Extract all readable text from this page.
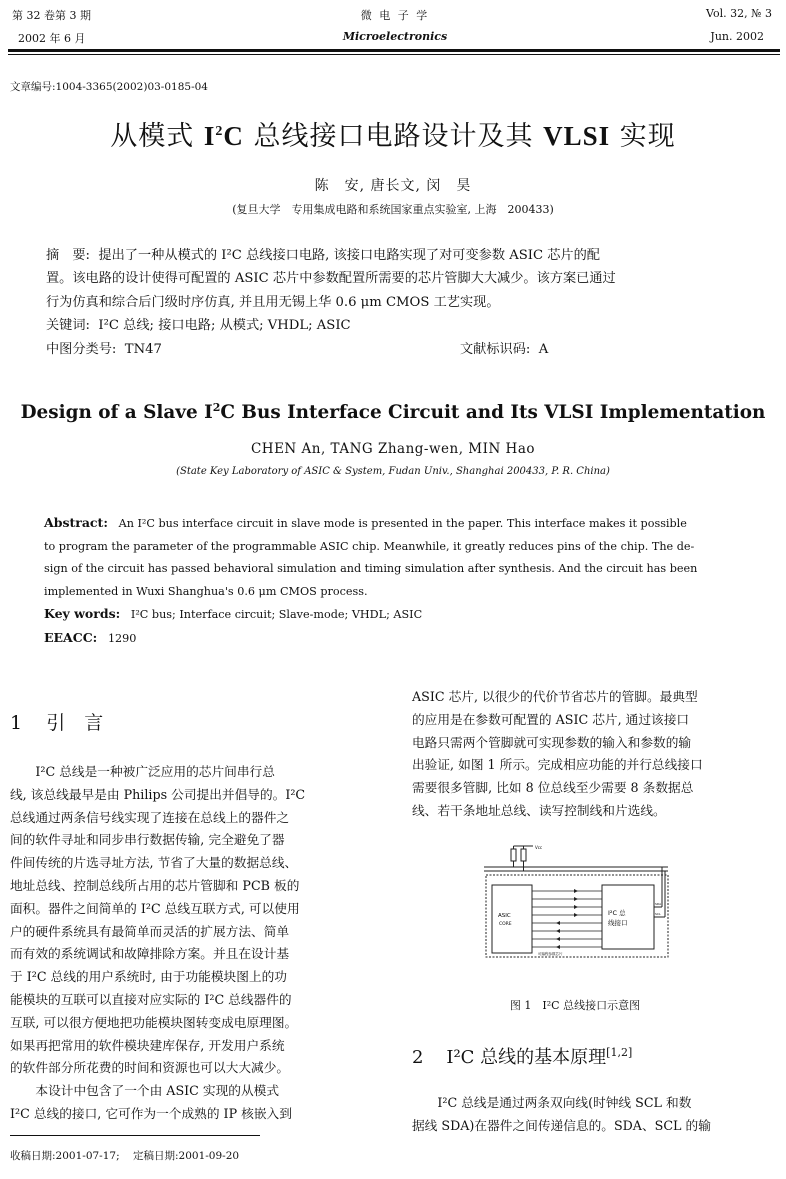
第 32 卷第 3 期
2002 年 6 月
微 电 子 学
Microelectronics
Vol. 32, № 3
Jun. 2002
文章编号:1004-3365(2002)03-0185-04
从模式 $I^2C$ 总线接口电路设计及其 VLSI 实现
陈　安, 唐长文, 闵　昊
(复旦大学　专用集成电路和系统国家重点实验室, 上海　200433)
摘　要: 提出了一种从模式的 I²C 总线接口电路, 该接口电路实现了对可变参数 ASIC 芯片的配
置。该电路的设计使得可配置的 ASIC 芯片中参数配置所需要的芯片管脚大大减少。该方案已通过
行为仿真和综合后门级时序仿真, 并且用无锡上华 0.6 μm CMOS 工艺实现。
关键词: I²C 总线; 接口电路; 从模式; VHDL; ASIC
中图分类号: TN47	文献标识码: A
Design of a Slave $I^2C$ Bus Interface Circuit and Its VLSI Implementation
CHEN An, TANG Zhang-wen, MIN Hao
(State Key Laboratory of ASIC & System, Fudan Univ., Shanghai 200433, P. R. China)
Abstract: An I²C bus interface circuit in slave mode is presented in the paper. This interface makes it possible
to program the parameter of the programmable ASIC chip. Meanwhile, it greatly reduces pins of the chip. The de-
sign of the circuit has passed behavioral simulation and timing simulation after synthesis. And the circuit has been
implemented in Wuxi Shanghua's 0.6 μm CMOS process.
Key words: I²C bus; Interface circuit; Slave-mode; VHDL; ASIC
EEACC: 1290
1 引　言
I²C 总线是一种被广泛应用的芯片间串行总
线, 该总线最早是由 Philips 公司提出并倡导的。I²C
总线通过两条信号线实现了连接在总线上的器件之
间的软件寻址和同步串行数据传输, 完全避免了器
件间传统的片选寻址方法, 节省了大量的数据总线、
地址总线、控制总线所占用的芯片管脚和 PCB 板的
面积。器件之间简单的 I²C 总线互联方式, 可以使用
户的硬件系统具有最简单而灵活的扩展方法、简单
而有效的系统调试和故障排除方案。并且在设计基
于 I²C 总线的用户系统时, 由于功能模块图上的功
能模块的互联可以直接对应实际的 I²C 总线器件的
互联, 可以很方便地把功能模块图转变成电原理图。
如果再把常用的软件模块建库保存, 开发用户系统
的软件部分所花费的时间和资源也可以大大减少。
本设计中包含了一个由 ASIC 实现的从模式
I²C 总线的接口, 它可作为一个成熟的 IP 核嵌入到
收稿日期:2001-07-17; 定稿日期:2001-09-20
ASIC 芯片, 以很少的代价节省芯片的管脚。最典型
的应用是在参数可配置的 ASIC 芯片, 通过该接口
电路只需两个管脚就可实现参数的输入和参数的输
出验证, 如图 1 所示。完成相应功能的并行总线接口
需要很多管脚, 比如 8 位总线至少需要 8 条数据总
线、若干条地址总线、读写控制线和片选线。
Vcc
ASIC
CORE
I²C 总
线接口
SDA
SCL
可编程参数芯片
图 1　I²C 总线接口示意图
2 I²C 总线的基本原理[1,2]
I²C 总线是通过两条双向线(时钟线 SCL 和数
据线 SDA)在器件之间传递信息的。SDA、SCL 的输
